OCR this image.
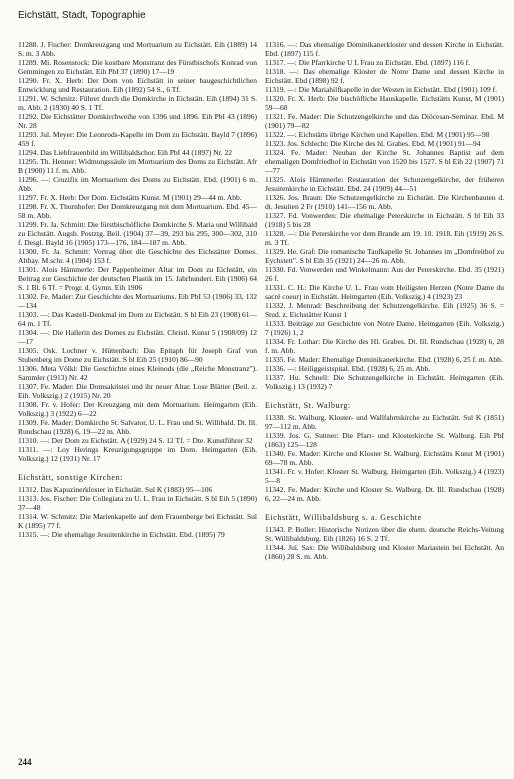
Eichstätt, Stadt, Topographie

11288. J. Fischer: Domkreuzgang und Mortuarium zu Eichstätt. Eih (1889) 14 S. m. 3 Abb.

11289. Mi. Rosenstock: Die kostbare Monstranz des Fürstbischofs Konrad von Gemmingen zu Eichstätt. Eih PbI 37 (1890) 17—19

11290. Fr. X. Herb: Der Dom von Eichstätt in seiner baugeschichtlichen Entwicklung und Restauration. Eih (1892) 54 S., 6 Tf.

11291. W. Schmitz: Führer durch die Domkirche in Eichstätt. Eih (1894) 31 S. m. Abb. 2 (1930) 40 S. 1 Tf.

11292. Die Eichstätter Domkirchweihe von 1396 und 1896. Eih PbI 43 (1896) Nr. 28

11293. Jul. Meyer: Die Leonrods-Kapelle im Dom zu Eichstätt. Bayld 7 (1896) 459 f.

11294. Das Liebfrauenbild im Willibaldschor. Eih PbI 44 (1897) Nr. 22

11295. Th. Henner: Widmungssäule im Mortuarium des Doms zu Eichstätt. Afr B (1900) 11 f. m. Abb.

11296. —: Cruzifix im Mortuarium des Doms zu Eichstätt. Ebd. (1901) 6 m. Abb.

11297. Fr. X. Herb: Der Dom. Eichstätts Kunst. M (1901) 29—44 m. Abb.

11298. Fr. X. Thurnhofer: Der Domkreuzgang mit dem Mortuarium. Ebd. 45—58 m. Abb.

11299. Fr. Ja. Schmitt: Die fürstbischöfliche Domkirche S. Maria und Willibald zu Eichstätt. Augsb. Postztg. Beil. (1904) 37—39, 293 bis 295, 300—302, 310 f. Desgl. Bayld 16 (1905) 173—176, 184—187 m. Abb.

11300. Fr. Ja. Schmitt: Vortrag über die Geschichte des Eichstätter Domes. Altbay. M.schr. 4 (1904) 153 f.

11301. Alois Hämmerle: Der Pappenheimer Altar im Dom zu Eichstätt, ein Beitrag zur Geschichte der deutschen Plastik im 15. Jahrhundert. Eih (1906) 64 S. 1 Bl. 6 Tf. = Progr. d. Gymn. Eih 1906

11302. Fe. Mader: Zur Geschichte des Mortuariums. Eih PbI 53 (1906) 33, 132—134

11303. —: Das Kastell-Denkmal im Dom zu Eichstätt. S bl Eih 23 (1908) 61—64 m. 1 Tf.

11304. —: Die Hallerin des Domes zu Eichstätt. Christl. Kunst 5 (1908/09) 12—17

11305. Osk. Lochner v. Hüttenbach: Das Epitaph für Joseph Graf von Stubenberg im Dome zu Eichstätt. S bl Eih 25 (1910) 86—90

11306. Meta Völkl: Die Geschichte eines Kleinods (die „Reiche Monstranz"). Sammler (1913) Nr. 42

11307. Fe. Mader: Die Domsakristei und ihr neuer Altar. Lose Blätter (Beil. z. Eih. Volkszig.) 2 (1915) Nr. 20

11308. Fr. v. Hofer: Der Kreuzgang mit dem Mortuarium. Heimgarten (Eih. Volkszig.) 3 (1922) 6—22

11309. Fe. Mader: Domkirche St. Salvator, U. L. Frau und St. Willibald. Dt. Ill. Rundschau (1928) 6, 19—22 m. Abb.

11310. —: Der Dom zu Eichstätt. A (1929) 24 S. 12 Tf. = Dte. Kunstführer 32

11311. —: Loy Herings Kreuzigungsgruppe im Dom. Heimgarten (Eih. Volkszig.) 12 (1931) Nr. 17

Eichstätt, sonstige Kirchen:

11312. Das Kapuzinerkloster in Eichstätt. Sul K (1883) 95—106

11313. Jos. Fischer: Die Collegiata zu U. L. Frau in Eichstätt. S bl Eih 5 (1890) 37—48

11314. W. Schmitz: Die Marienkapelle auf dem Frauenberge bei Eichstätt. Sul K (1895) 77 f.

11315. —: Die ehemalige Jesuitenkirche in Eichstätt. Ebd. (1895) 79

11316. —: Das ehemalige Dominikanerkloster und dessen Kirche in Eichstätt. Ebd. (1897) 115 f.

11317. —: Die Pfarrkirche U L Frau zu Eichstätt. Ebd. (1897) 116 f.

11318. —: Das ehemalige Kloster de Notre Dame und dessen Kirche in Eichstätt. Ebd (1898) 92 f.

11319. —: Die Mariahilfkapelle in der Westen in Eichstätt. Ebd (1901) 109 f.

11320. Fr. X. Herb: Die bischöfliche Hauskapelle. Eichstätts Kunst, M (1901) 59—68

11321. Fe. Mader: Die Schutzengelkirche und das Diöcesan-Seminar. Ebd. M (1901) 79—82

11322. —: Eichstätts übrige Kirchen und Kapellen. Ebd. M (1901) 95—98

11323. Jos. Schlecht: Die Kirche des hl. Grabes. Ebd. M (1901) 91—94

11324. Fe. Mader: Neubau der Kirche St. Johannes Baptist auf dem ehemaligen Domfriedhof in Eichstätt von 1520 bis 1527. S bl Eih 22 (1907) 71—77

11325. Alois Hämmerle: Restauration der Schutzengelkirche, der früheren Jesuitenkirche in Eichstätt. Ebd. 24 (1909) 44—51

11326. Jos. Braun: Die Schutzengelkirche zu Eichstätt. Die Kirchenbauten d. dt. Jesuiten 2 Fr (1910) 141—156 m. Abb.

11327. Fd. Vonwerden: Die ehemalige Peterskirche in Eichstätt. S bl Eih 33 (1918) 5 bis 28

11328. —: Die Peterskirche vor dem Brande am 19. 10. 1918. Eih (1919) 26 S. m. 3 Tf.

11329. He. Graf: Die romanische Taufkapelle St. Johannes im „Domfreithof zu Eychstett". S bl Eih 35 (1921) 24—26 m. Abb.

11330. Fd. Vonwerden und Winkelmann: Aus der Peterskirche. Ebd. 35 (1921) 26 f.

11331. C. H.: Die Kirche U. L. Frau vom Heiligsten Herzen (Notre Dame du sacré coeur) in Eichstätt. Heimgarten (Eih. Volkszig.) 4 (1923) 23

11332. J. Menrad: Beschreibung der Schutzengelkirche. Eih (1925) 36 S. = Stud. z. Eichstätter Kunst 1

11333. Beiträge zur Geschichte von Notre Dame. Heimgarten (Eih. Volkszig.) 7 (1926) 1, 2

11334. Fr. Lothar: Die Kirche des Hl. Grabes. Dt. Ill. Rundschau (1928) 6, 28 f. m. Abb.

11335. Fe. Mader: Ehemalige Dominikanerkirche. Ebd. (1928) 6, 25 f. m. Abb.

11336. —: Heiliggeistspital. Ebd. (1928) 6, 25 m. Abb.

11337. Hu. Schnell: Die Schutzengelkirche in Eichstätt. Heimgarten (Eih. Volkszig.) 13 (1932) 7

Eichstätt, St. Walburg:

11338. St. Walburg, Kloster- und Wallfahrtskirche zu Eichstätt. Sul K (1851) 97—112 m. Abb.

11339. Jos. G. Suttner: Die Pfarr- und Klosterkirche St. Walburg. Eih PbI (1863) 125—128

11340. Fe. Mader: Kirche und Kloster St. Walburg. Eichstätts Kunst M (1901) 69—78 m. Abb.

11341. Fr. v. Hofer: Kloster St. Walburg. Heimgarten (Eih. Volkszig.) 4 (1923) 5—8

11342. Fe. Mader: Kirche und Kloster St. Walburg. Dt. Ill. Rundschau (1928) 6, 22—24 m. Abb.

Eichstätt, Willibaldsburg s. a. Geschichte

11343. P. Boller: Historische Notizen über die ehem. deutsche Reichs-Veitung St. Willibaldsburg. Eih (1826) 16 S. 2 Tf.

11344. Jul. Sax: Die Willibaldsburg und Kloster Mariastein bei Eichstätt. An (1860) 28 S. m. Abb.

244
